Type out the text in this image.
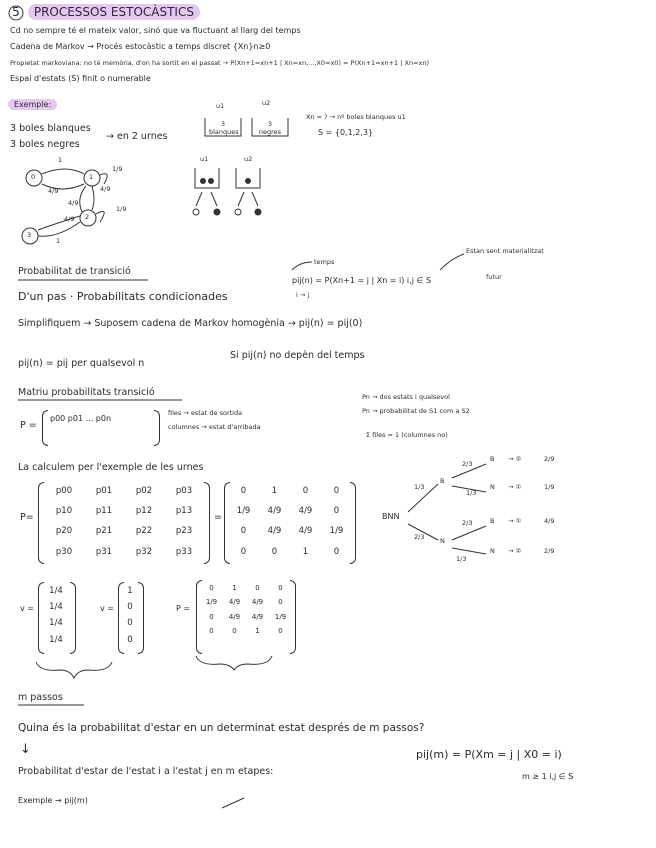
5 PROCESSOS ESTOCÀSTICS
Cd no sempre té el mateix valor, sinó que va fluctuant al llarg del temps
Cadena de Markov → Procés estocàstic a temps discret {Xn}n≥0
Propietat markoviana: no té memòria, d'on ha sortit en el passat → P(Xn+1=xn+1 | Xn=xn,...,X0=x0) = P(Xn+1=xn+1 | Xn=xn)
Espai d'estats (S) finit o numerable
Exemple:
3 boles blanques
3 boles negres
→ en 2 urnes
u1	u2
3
blanques
3
negres
Xn = ? → nº boles blanques u1
S = {0,1,2,3}
0	1
2
3
1
4/9	4/9
1/9
4/9
4/9
1/9
1
u1	u2
Probabilitat de transició
temps
Estan sent materialitzat
futur
D'un pas · Probabilitats condicionades
pij(n) = P(Xn+1 = j | Xn = i) i,j ∈ S
i → j
Simplifiquem → Suposem cadena de Markov homogènia → pij(n) = pij(0)
pij(n) = pij per qualsevol n
Si pij(n) no depèn del temps
Matriu probabilitats transició
P =
p00 p01 ... p0n
files → estat de sortida
columnes → estat d'arribada
Pn → dos estats i qualsevol
Pn → probabilitat de S1 com a S2
Σ files = 1 (columnes no)
La calculem per l'exemple de les urnes
P=
p00	p01	p02	p03
p10	p11	p12	p13
p20	p21	p22	p23
p30	p31	p32	p33
=
0	1	0	0
1/9	4/9	4/9	0
0	4/9	4/9	1/9
0	0	1	0
BNN
1/3
B
2/3
B → ②	2/9
1/3
N → ①	1/9
2/3 N
2/3	B → ①	4/9
1/3
N → ②	2/9
v =
1/4
1/4
1/4
1/4
v =
1
0
0
0
P =
0	1	0	0
1/9	4/9	4/9	0
0	4/9	4/9	1/9
0	0	1	0
m passos
Quina és la probabilitat d'estar en un determinat estat després de m passos?
↓
Probabilitat d'estar de l'estat i a l'estat j en m etapes:
pij(m) = P(Xm = j | X0 = i)
m ≥ 1 i,j ∈ S
Exemple → pij(m)
